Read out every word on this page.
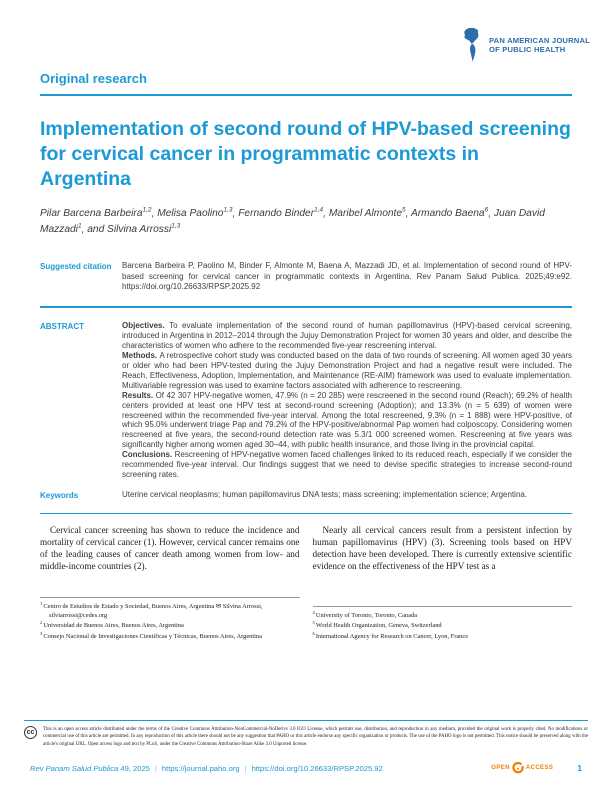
PAN AMERICAN JOURNAL
OF PUBLIC HEALTH
Original research
Implementation of second round of HPV-based screening for cervical cancer in programmatic contexts in Argentina

Pilar Barcena Barbeira$^{1,2}$, Melisa Paolino$^{1,3}$, Fernando Binder$^{1,4}$, Maribel Almonte$^5$, Armando Baena$^6$, Juan David Mazzadi$^1$, and Silvina Arrossi$^{1,3}$

Suggested citation	Barcena Barbeira P, Paolino M, Binder F, Almonte M, Baena A, Mazzadi JD, et al. Implementation of second round of HPV-based screening for cervical cancer in programmatic contexts in Argentina. Rev Panam Salud Publica. 2025;49:e92. https://doi.org/10.26633/RPSP.2025.92
ABSTRACT	Objectives. To evaluate implementation of the second round of human papillomavirus (HPV)-based cervical screening, introduced in Argentina in 2012–2014 through the Jujuy Demonstration Project for women 30 years and older, and describe the characteristics of women who adhere to the recommended five-year rescreening interval.

Methods. A retrospective cohort study was conducted based on the data of two rounds of screening. All women aged 30 years or older who had been HPV-tested during the Jujuy Demonstration Project and had a negative result were included. The Reach, Effectiveness, Adoption, Implementation, and Maintenance (RE-AIM) framework was used to evaluate implementation. Multivariable regression was used to examine factors associated with adherence to rescreening.

Results. Of 42 307 HPV-negative women, 47.9% (n = 20 285) were rescreened in the second round (Reach); 69.2% of health centers provided at least one HPV test at second-round screening (Adoption); and 13.3% (n = 5 639) of women were rescreened within the recommended five-year interval. Among the total rescreened, 9.3% (n = 1 888) were HPV-positive, of which 95.0% underwent triage Pap and 79.2% of the HPV-positive/abnormal Pap women had colposcopy. Considering women rescreened at five years, the second-round detection rate was 5.3/1 000 screened women. Rescreening at five years was significantly higher among women aged 30–44, with public health insurance, and those living in the provincial capital.

Conclusions. Rescreening of HPV-negative women faced challenges linked to its reduced reach, especially if we consider the recommended five-year interval. Our findings suggest that we need to devise specific strategies to increase second-round screening rates.

Keywords	Uterine cervical neoplasms; human papillomavirus DNA tests; mass screening; implementation science; Argentina.

Cervical cancer screening has shown to reduce the incidence and mortality of cervical cancer (1). However, cervical cancer remains one of the leading causes of cancer death among women from low- and middle-income countries (2).

$^1$ Centro de Estudios de Estado y Sociedad, Buenos Aires, Argentina ✉ Silvina Arrossi, silviarrossi@cedes.org
$^2$ Universidad de Buenos Aires, Buenos Aires, Argentina
$^3$ Consejo Nacional de Investigaciones Científicas y Técnicas, Buenos Aires, Argentina

Nearly all cervical cancers result from a persistent infection by human papillomavirus (HPV) (3). Screening tools based on HPV detection have been developed. There is currently extensive scientific evidence on the effectiveness of the HPV test as a

$^4$ University of Toronto, Toronto, Canada
$^5$ World Health Organization, Geneva, Switzerland
$^6$ International Agency for Research on Cancer, Lyon, France
cc	This is an open access article distributed under the terms of the Creative Commons Attribution-NonCommercial-NoDerivs 3.0 IGO License, which permits use, distribution, and reproduction in any medium, provided the original work is properly cited. No modifications or commercial use of this article are permitted. In any reproduction of this article there should not be any suggestion that PAHO or this article endorse any specific organization or products. The use of the PAHO logo is not permitted. This notice should be preserved along with the article's original URL. Open access logo and text by PLoS, under the Creative Commons Attribution-Share Alike 3.0 Unported license.
Rev Panam Salud Publica 49, 2025 | https://journal.paho.org | https://doi.org/10.26633/RPSP.2025.92	OPEN	ACCESS	1
